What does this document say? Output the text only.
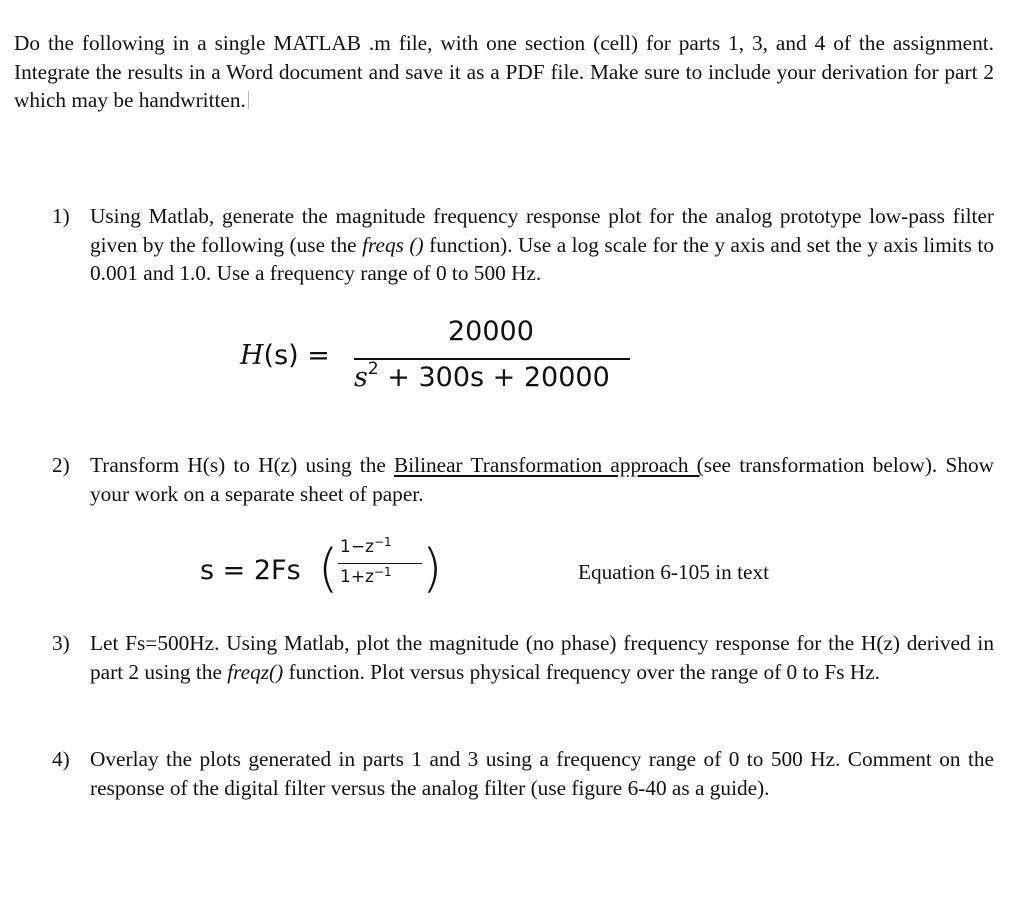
Do the following in a single MATLAB .m file, with one section (cell) for parts 1, 3, and 4 of the assignment. Integrate the results in a Word document and save it as a PDF file. Make sure to include your derivation for part 2 which may be handwritten.

1) Using Matlab, generate the magnitude frequency response plot for the analog prototype low-pass filter given by the following (use the freqs () function). Use a log scale for the y axis and set the y axis limits to 0.001 and 1.0. Use a frequency range of 0 to 500 Hz.
H(s) =
20000
$s^2 + 300s + 20000$
2) Transform H(s) to H(z) using the Bilinear Transformation approach (see transformation below). Show your work on a separate sheet of paper.
s = 2Fs ( $1-z^{-1}$
$1+z^{-1}$ )	Equation 6-105 in text
3) Let Fs=500Hz. Using Matlab, plot the magnitude (no phase) frequency response for the H(z) derived in part 2 using the freqz() function. Plot versus physical frequency over the range of 0 to Fs Hz.
4) Overlay the plots generated in parts 1 and 3 using a frequency range of 0 to 500 Hz. Comment on the response of the digital filter versus the analog filter (use figure 6-40 as a guide).
